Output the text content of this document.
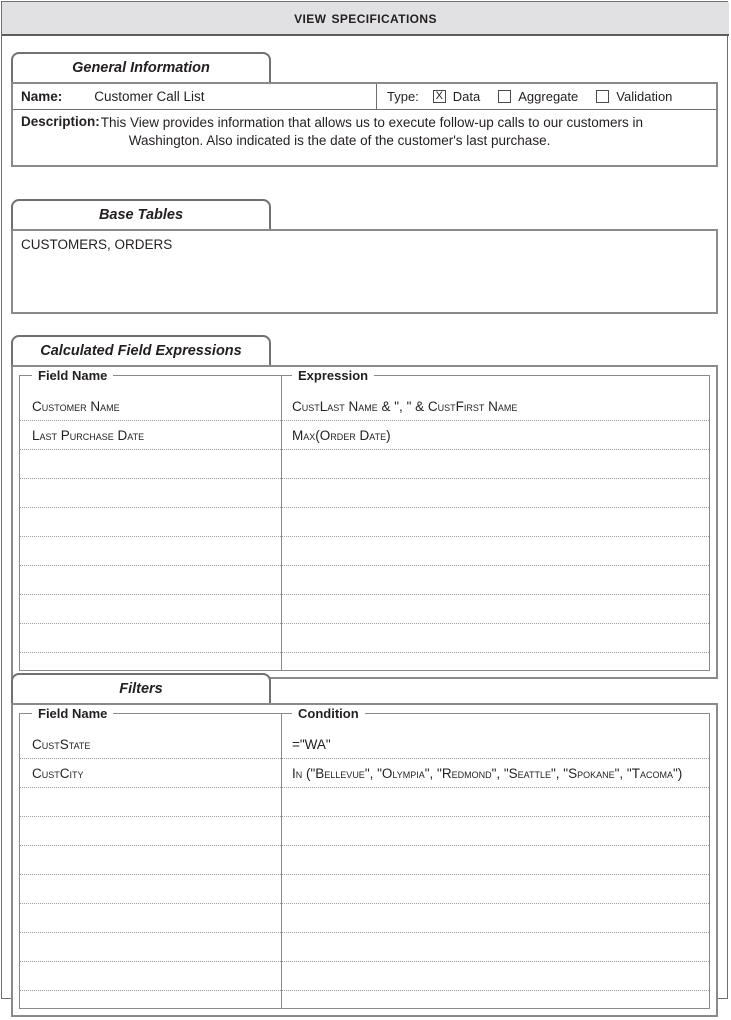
view specifications
General Information
Name: Customer Call List	Type: X Data	Aggregate	Validation
Description: This View provides information that allows us to execute follow-up calls to our customers in
Washington. Also indicated is the date of the customer's last purchase.
Base Tables
CUSTOMERS, ORDERS
Calculated Field Expressions
Field Name	Expression
Customer Name	CustLast Name & ", " & CustFirst Name
Last Purchase Date	Max(Order Date)
Filters
Field Name	Condition
CustState	="WA"
CustCity	In ("Bellevue", "Olympia", "Redmond", "Seattle", "Spokane", "Tacoma")
